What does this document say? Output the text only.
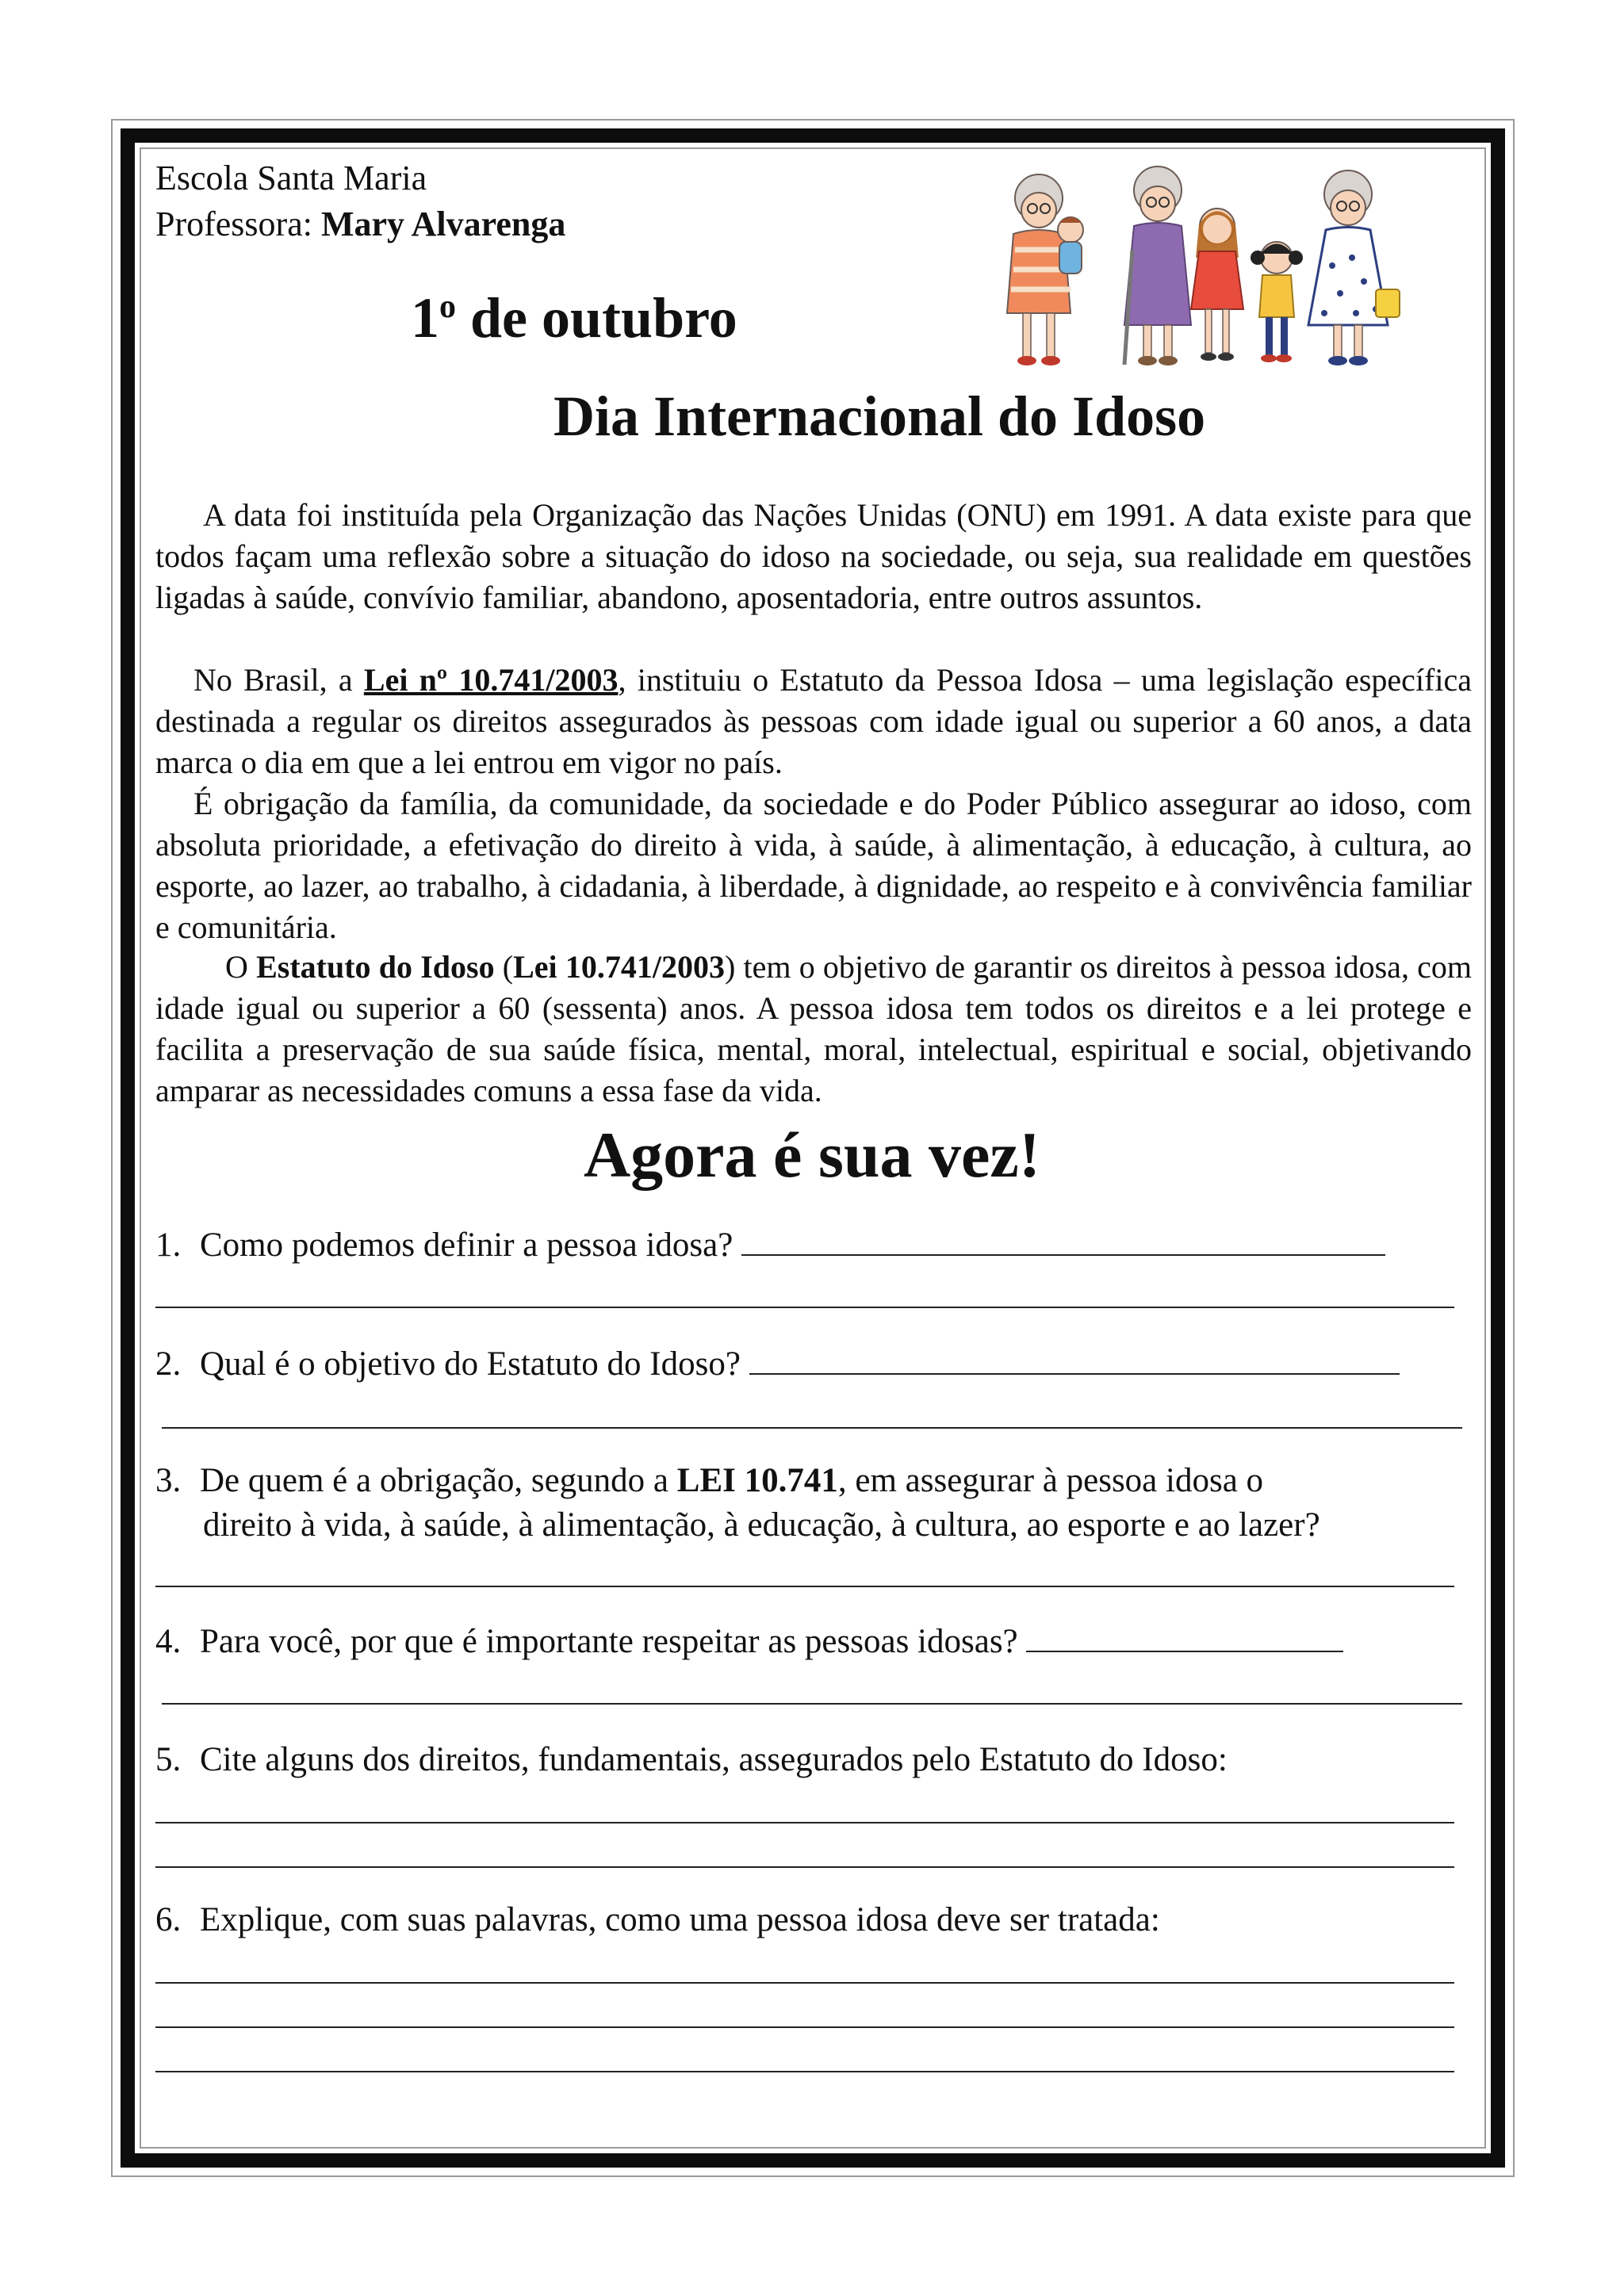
Escola Santa Maria
Professora: Mary Alvarenga
1$^o$ de outubro
Dia Internacional do Idoso
A data foi instituída pela Organização das Nações Unidas (ONU) em 1991. A data existe para que todos façam uma reflexão sobre a situação do idoso na sociedade, ou seja, sua realidade em questões ligadas à saúde, convívio familiar, abandono, aposentadoria, entre outros assuntos.
No Brasil, a Lei nº 10.741/2003, instituiu o Estatuto da Pessoa Idosa – uma legislação específica destinada a regular os direitos assegurados às pessoas com idade igual ou superior a 60 anos, a data marca o dia em que a lei entrou em vigor no país.
É obrigação da família, da comunidade, da sociedade e do Poder Público assegurar ao idoso, com absoluta prioridade, a efetivação do direito à vida, à saúde, à alimentação, à educação, à cultura, ao esporte, ao lazer, ao trabalho, à cidadania, à liberdade, à dignidade, ao respeito e à convivência familiar e comunitária.
O Estatuto do Idoso (Lei 10.741/2003) tem o objetivo de garantir os direitos à pessoa idosa, com idade igual ou superior a 60 (sessenta) anos. A pessoa idosa tem todos os direitos e a lei protege e facilita a preservação de sua saúde física, mental, moral, intelectual, espiritual e social, objetivando amparar as necessidades comuns a essa fase da vida.
Agora é sua vez!
1. Como podemos definir a pessoa idosa?
2. Qual é o objetivo do Estatuto do Idoso?
3. De quem é a obrigação, segundo a LEI 10.741, em assegurar à pessoa idosa o
direito à vida, à saúde, à alimentação, à educação, à cultura, ao esporte e ao lazer?
4. Para você, por que é importante respeitar as pessoas idosas?
5. Cite alguns dos direitos, fundamentais, assegurados pelo Estatuto do Idoso:
6. Explique, com suas palavras, como uma pessoa idosa deve ser tratada:
